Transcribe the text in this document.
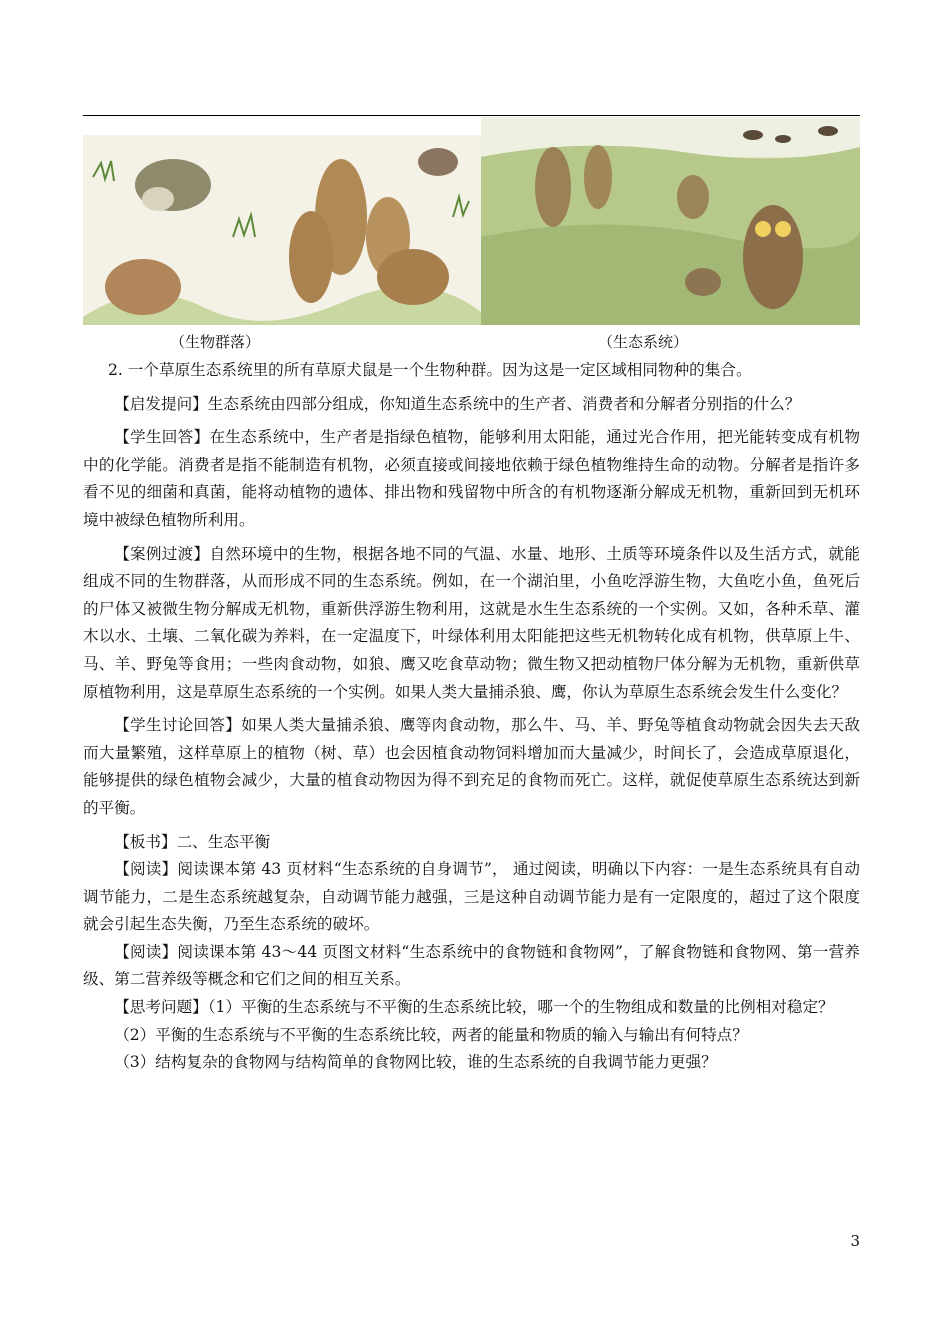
（生物群落）	（生态系统）

2. 一个草原生态系统里的所有草原犬鼠是一个生物种群。因为这是一定区域相同物种的集合。

【启发提问】生态系统由四部分组成，你知道生态系统中的生产者、消费者和分解者分别指的什么？

【学生回答】在生态系统中，生产者是指绿色植物，能够利用太阳能，通过光合作用，把光能转变成有机物中的化学能。消费者是指不能制造有机物，必须直接或间接地依赖于绿色植物维持生命的动物。分解者是指许多看不见的细菌和真菌，能将动植物的遗体、排出物和残留物中所含的有机物逐渐分解成无机物，重新回到无机环境中被绿色植物所利用。

【案例过渡】自然环境中的生物，根据各地不同的气温、水量、地形、土质等环境条件以及生活方式，就能组成不同的生物群落，从而形成不同的生态系统。例如，在一个湖泊里，小鱼吃浮游生物，大鱼吃小鱼，鱼死后的尸体又被微生物分解成无机物，重新供浮游生物利用，这就是水生生态系统的一个实例。又如，各种禾草、灌木以水、土壤、二氧化碳为养料，在一定温度下，叶绿体利用太阳能把这些无机物转化成有机物，供草原上牛、马、羊、野兔等食用；一些肉食动物，如狼、鹰又吃食草动物；微生物又把动植物尸体分解为无机物，重新供草原植物利用，这是草原生态系统的一个实例。如果人类大量捕杀狼、鹰，你认为草原生态系统会发生什么变化？

【学生讨论回答】如果人类大量捕杀狼、鹰等肉食动物，那么牛、马、羊、野兔等植食动物就会因失去天敌而大量繁殖，这样草原上的植物（树、草）也会因植食动物饲料增加而大量减少，时间长了，会造成草原退化，能够提供的绿色植物会减少，大量的植食动物因为得不到充足的食物而死亡。这样，就促使草原生态系统达到新的平衡。

【板书】二、生态平衡

【阅读】阅读课本第 43 页材料“生态系统的自身调节”， 通过阅读，明确以下内容：一是生态系统具有自动调节能力，二是生态系统越复杂，自动调节能力越强，三是这种自动调节能力是有一定限度的，超过了这个限度就会引起生态失衡，乃至生态系统的破坏。

【阅读】阅读课本第 43～44 页图文材料“生态系统中的食物链和食物网”，了解食物链和食物网、第一营养级、第二营养级等概念和它们之间的相互关系。

【思考问题】（1）平衡的生态系统与不平衡的生态系统比较，哪一个的生物组成和数量的比例相对稳定？

（2）平衡的生态系统与不平衡的生态系统比较，两者的能量和物质的输入与输出有何特点？

（3）结构复杂的食物网与结构简单的食物网比较，谁的生态系统的自我调节能力更强？

3
